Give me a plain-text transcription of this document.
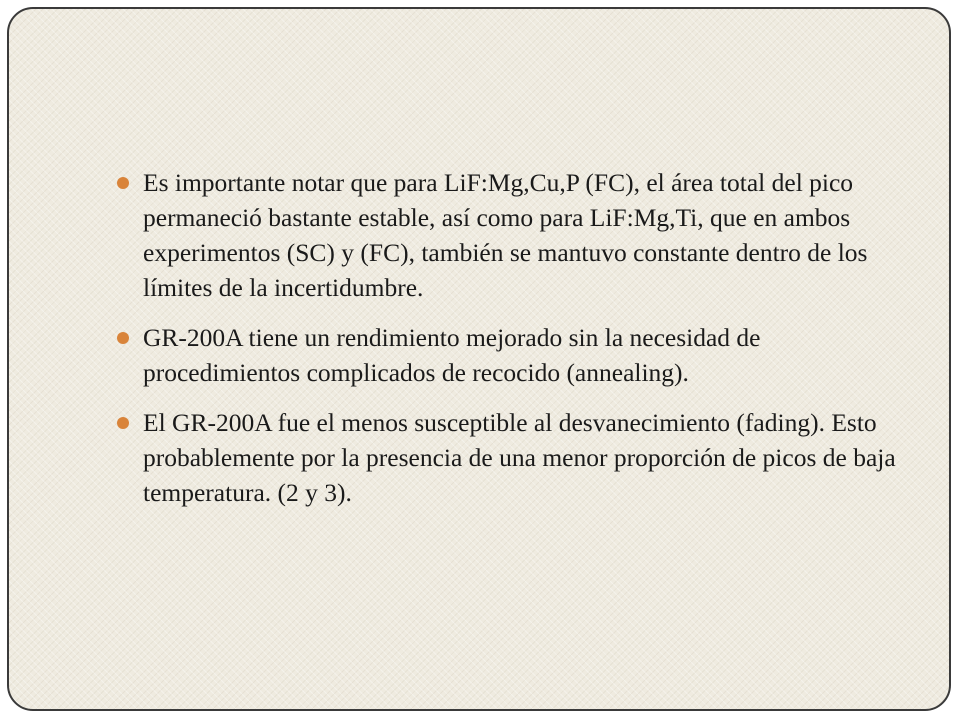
Es importante notar que para LiF:Mg,Cu,P (FC), el área total del pico permaneció bastante estable, así como para LiF:Mg,Ti, que en ambos experimentos (SC) y (FC), también se mantuvo constante dentro de los límites de la incertidumbre.
GR-200A tiene un rendimiento mejorado sin la necesidad de procedimientos complicados de recocido (annealing).
El GR-200A fue el menos susceptible al desvanecimiento (fading). Esto probablemente por la presencia de una menor proporción de picos de baja temperatura. (2 y 3).
